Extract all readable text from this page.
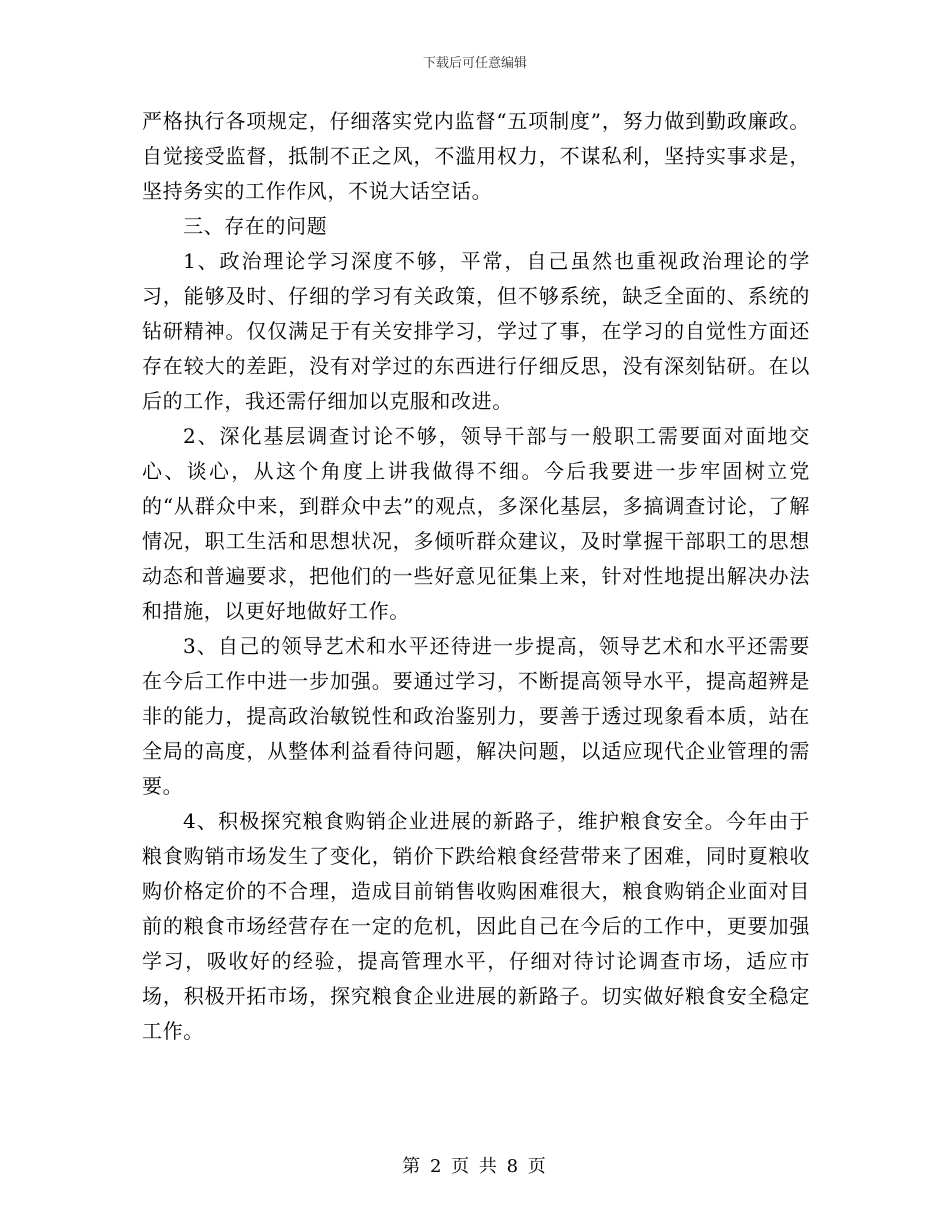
下载后可任意编辑

严格执行各项规定，仔细落实党内监督“五项制度”，努力做到勤政廉政。自觉接受监督，抵制不正之风，不滥用权力，不谋私利，坚持实事求是，坚持务实的工作作风，不说大话空话。

三、存在的问题

1、政治理论学习深度不够，平常，自己虽然也重视政治理论的学习，能够及时、仔细的学习有关政策，但不够系统，缺乏全面的、系统的钻研精神。仅仅满足于有关安排学习，学过了事，在学习的自觉性方面还存在较大的差距，没有对学过的东西进行仔细反思，没有深刻钻研。在以后的工作，我还需仔细加以克服和改进。

2、深化基层调查讨论不够，领导干部与一般职工需要面对面地交心、谈心，从这个角度上讲我做得不细。今后我要进一步牢固树立党的“从群众中来，到群众中去”的观点，多深化基层，多搞调查讨论，了解情况，职工生活和思想状况，多倾听群众建议，及时掌握干部职工的思想动态和普遍要求，把他们的一些好意见征集上来，针对性地提出解决办法和措施，以更好地做好工作。

3、自己的领导艺术和水平还待进一步提高，领导艺术和水平还需要在今后工作中进一步加强。要通过学习，不断提高领导水平，提高超辨是非的能力，提高政治敏锐性和政治鉴别力，要善于透过现象看本质，站在全局的高度，从整体利益看待问题，解决问题，以适应现代企业管理的需要。

4、积极探究粮食购销企业进展的新路子，维护粮食安全。今年由于粮食购销市场发生了变化，销价下跌给粮食经营带来了困难，同时夏粮收购价格定价的不合理，造成目前销售收购困难很大，粮食购销企业面对目前的粮食市场经营存在一定的危机，因此自己在今后的工作中，更要加强学习，吸收好的经验，提高管理水平，仔细对待讨论调查市场，适应市场，积极开拓市场，探究粮食企业进展的新路子。切实做好粮食安全稳定工作。

第 2 页 共 8 页
